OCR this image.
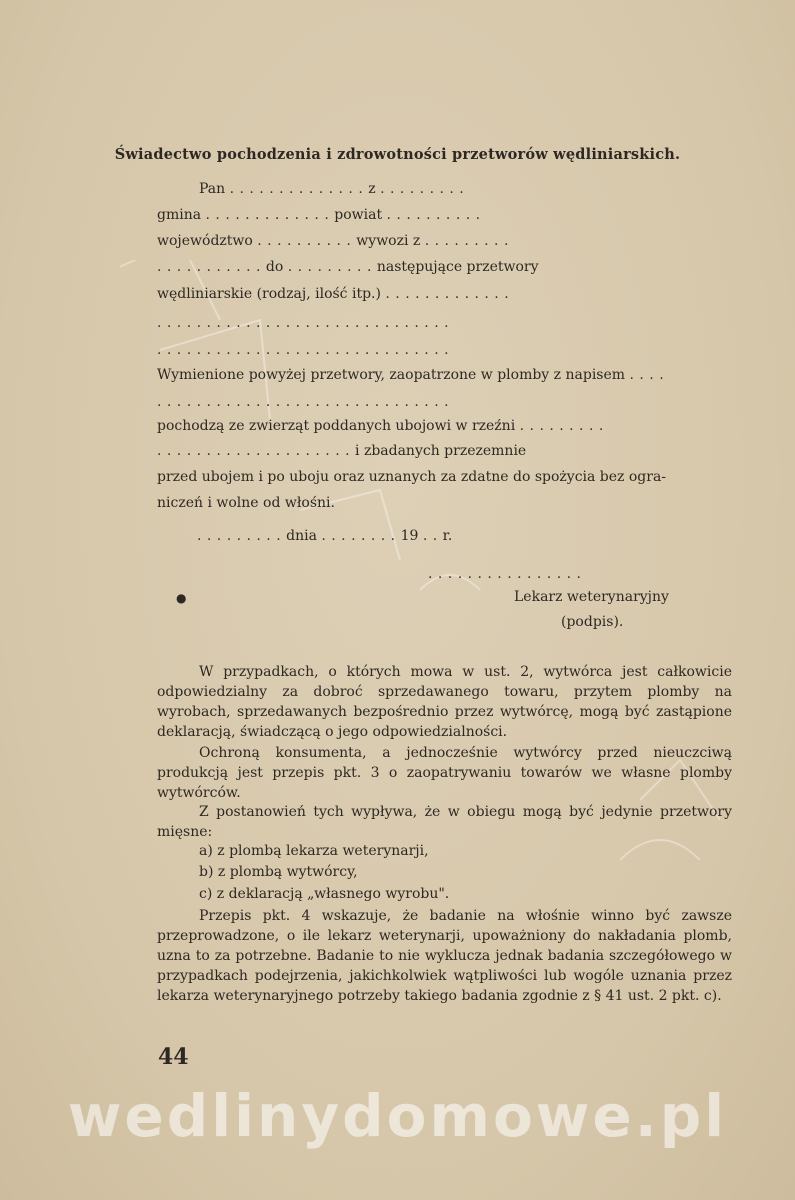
Świadectwo pochodzenia i zdrowotności przetworów wędliniarskich.
Pan . . . . . . . . . . . . . . z . . . . . . . . .
gmina . . . . . . . . . . . . . powiat . . . . . . . . . .
województwo . . . . . . . . . . wywozi z . . . . . . . . .
. . . . . . . . . . . do . . . . . . . . . następujące przetwory
wędliniarskie (rodzaj, ilość itp.) . . . . . . . . . . . . .
. . . . . . . . . . . . . . . . . . . . . . . . . . . . . .
. . . . . . . . . . . . . . . . . . . . . . . . . . . . . .
Wymienione powyżej przetwory, zaopatrzone w plomby z napisem . . . .
. . . . . . . . . . . . . . . . . . . . . . . . . . . . . .
pochodzą ze zwierząt poddanych ubojowi w rzeźni . . . . . . . . .
. . . . . . . . . . . . . . . . . . . . i zbadanych przezemnie
przed ubojem i po uboju oraz uznanych za zdatne do spożycia bez ogra-
niczeń i wolne od włośni.
. . . . . . . . . dnia . . . . . . . . 19 . . r.
. . . . . . . . . . . . . . . .
●	Lekarz weterynaryjny
(podpis).
W przypadkach, o których mowa w ust. 2, wytwórca jest całkowicie odpowiedzialny za dobroć sprzedawanego towaru, przytem plomby na wyrobach, sprzedawanych bezpośrednio przez wytwórcę, mogą być zastąpione deklaracją, świadczącą o jego odpowiedzialności.
Ochroną konsumenta, a jednocześnie wytwórcy przed nieuczciwą produkcją jest przepis pkt. 3 o zaopatrywaniu towarów we własne plomby wytwórców.
Z postanowień tych wypływa, że w obiegu mogą być jedynie przetwory mięsne:
a) z plombą lekarza weterynarji,
b) z plombą wytwórcy,
c) z deklaracją „własnego wyrobu".
Przepis pkt. 4 wskazuje, że badanie na włośnie winno być zawsze przeprowadzone, o ile lekarz weterynarji, upoważniony do nakładania plomb, uzna to za potrzebne. Badanie to nie wyklucza jednak badania szczegółowego w przypadkach podejrzenia, jakichkolwiek wątpliwości lub wogóle uznania przez lekarza weterynaryjnego potrzeby takiego badania zgodnie z § 41 ust. 2 pkt. c).
44
wedlinydomowe.pl
